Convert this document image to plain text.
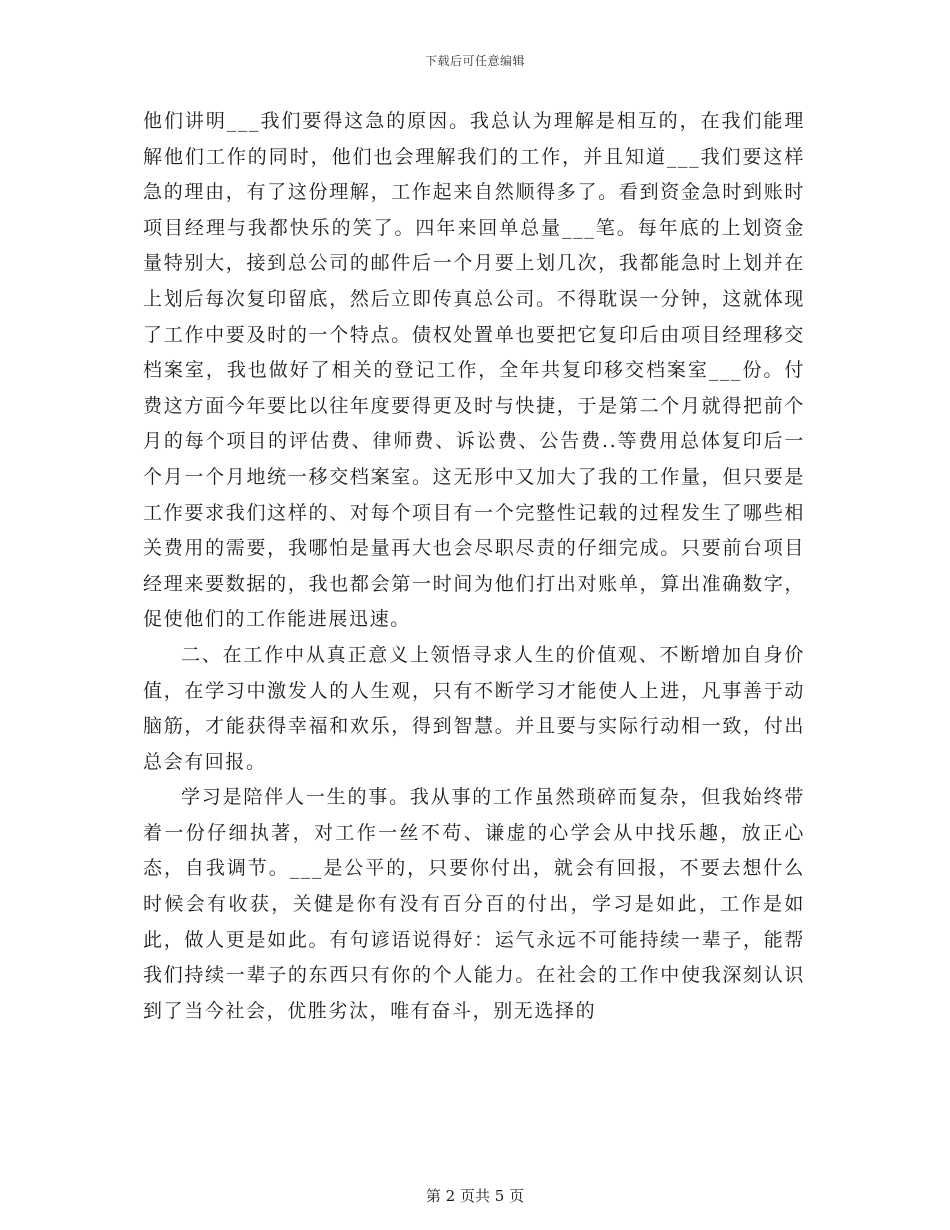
下载后可任意编辑

他们讲明___我们要得这急的原因。我总认为理解是相互的，在我们能理解他们工作的同时，他们也会理解我们的工作，并且知道___我们要这样急的理由，有了这份理解，工作起来自然顺得多了。看到资金急时到账时项目经理与我都快乐的笑了。四年来回单总量___笔。每年底的上划资金量特别大，接到总公司的邮件后一个月要上划几次，我都能急时上划并在上划后每次复印留底，然后立即传真总公司。不得耽误一分钟，这就体现了工作中要及时的一个特点。债权处置单也要把它复印后由项目经理移交档案室，我也做好了相关的登记工作，全年共复印移交档案室___份。付费这方面今年要比以往年度要得更及时与快捷，于是第二个月就得把前个月的每个项目的评估费、律师费、诉讼费、公告费..等费用总体复印后一个月一个月地统一移交档案室。这无形中又加大了我的工作量，但只要是工作要求我们这样的、对每个项目有一个完整性记载的过程发生了哪些相关费用的需要，我哪怕是量再大也会尽职尽责的仔细完成。只要前台项目经理来要数据的，我也都会第一时间为他们打出对账单，算出准确数字，促使他们的工作能进展迅速。

二、在工作中从真正意义上领悟寻求人生的价值观、不断增加自身价值，在学习中激发人的人生观，只有不断学习才能使人上进，凡事善于动脑筋，才能获得幸福和欢乐，得到智慧。并且要与实际行动相一致，付出总会有回报。

学习是陪伴人一生的事。我从事的工作虽然琐碎而复杂，但我始终带着一份仔细执著，对工作一丝不苟、谦虚的心学会从中找乐趣，放正心态，自我调节。___是公平的，只要你付出，就会有回报，不要去想什么时候会有收获，关健是你有没有百分百的付出，学习是如此，工作是如此，做人更是如此。有句谚语说得好：运气永远不可能持续一辈子，能帮我们持续一辈子的东西只有你的个人能力。在社会的工作中使我深刻认识到了当今社会，优胜劣汰，唯有奋斗，别无选择的

第 2 页共 5 页
